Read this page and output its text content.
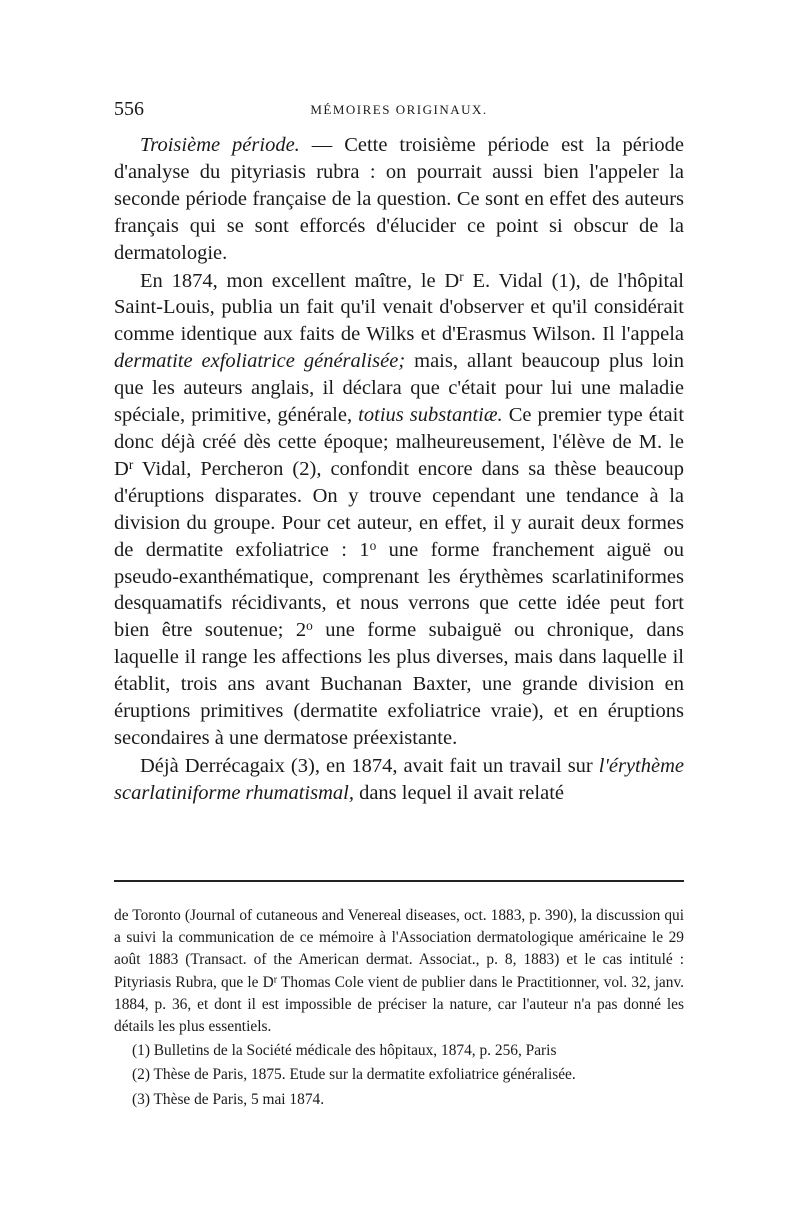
556	MÉMOIRES ORIGINAUX.

Troisième période. — Cette troisième période est la période d'analyse du pityriasis rubra : on pourrait aussi bien l'appeler la seconde période française de la question. Ce sont en effet des auteurs français qui se sont efforcés d'élucider ce point si obscur de la dermatologie.

En 1874, mon excellent maître, le $D^r$ E. Vidal (1), de l'hôpital Saint-Louis, publia un fait qu'il venait d'observer et qu'il considérait comme identique aux faits de Wilks et d'Erasmus Wilson. Il l'appela dermatite exfoliatrice généralisée; mais, allant beaucoup plus loin que les auteurs anglais, il déclara que c'était pour lui une maladie spéciale, primitive, générale, totius substantiæ. Ce premier type était donc déjà créé dès cette époque; malheureusement, l'élève de M. le $D^r$ Vidal, Percheron (2), confondit encore dans sa thèse beaucoup d'éruptions disparates. On y trouve cependant une tendance à la division du groupe. Pour cet auteur, en effet, il y aurait deux formes de dermatite exfoliatrice : 1$^o$ une forme franchement aiguë ou pseudo-exanthématique, comprenant les érythèmes scarlatiniformes desquamatifs récidivants, et nous verrons que cette idée peut fort bien être soutenue; 2$^o$ une forme subaiguë ou chronique, dans laquelle il range les affections les plus diverses, mais dans laquelle il établit, trois ans avant Buchanan Baxter, une grande division en éruptions primitives (dermatite exfoliatrice vraie), et en éruptions secondaires à une dermatose préexistante.

Déjà Derrécagaix (3), en 1874, avait fait un travail sur l'érythème scarlatiniforme rhumatismal, dans lequel il avait relaté

de Toronto (Journal of cutaneous and Venereal diseases, oct. 1883, p. 390), la discussion qui a suivi la communication de ce mémoire à l'Association dermatologique américaine le 29 août 1883 (Transact. of the American dermat. Associat., p. 8, 1883) et le cas intitulé : Pityriasis Rubra, que le $D^r$ Thomas Cole vient de publier dans le Practitionner, vol. 32, janv. 1884, p. 36, et dont il est impossible de préciser la nature, car l'auteur n'a pas donné les détails les plus essentiels.

(1) Bulletins de la Société médicale des hôpitaux, 1874, p. 256, Paris

(2) Thèse de Paris, 1875. Etude sur la dermatite exfoliatrice généralisée.

(3) Thèse de Paris, 5 mai 1874.
